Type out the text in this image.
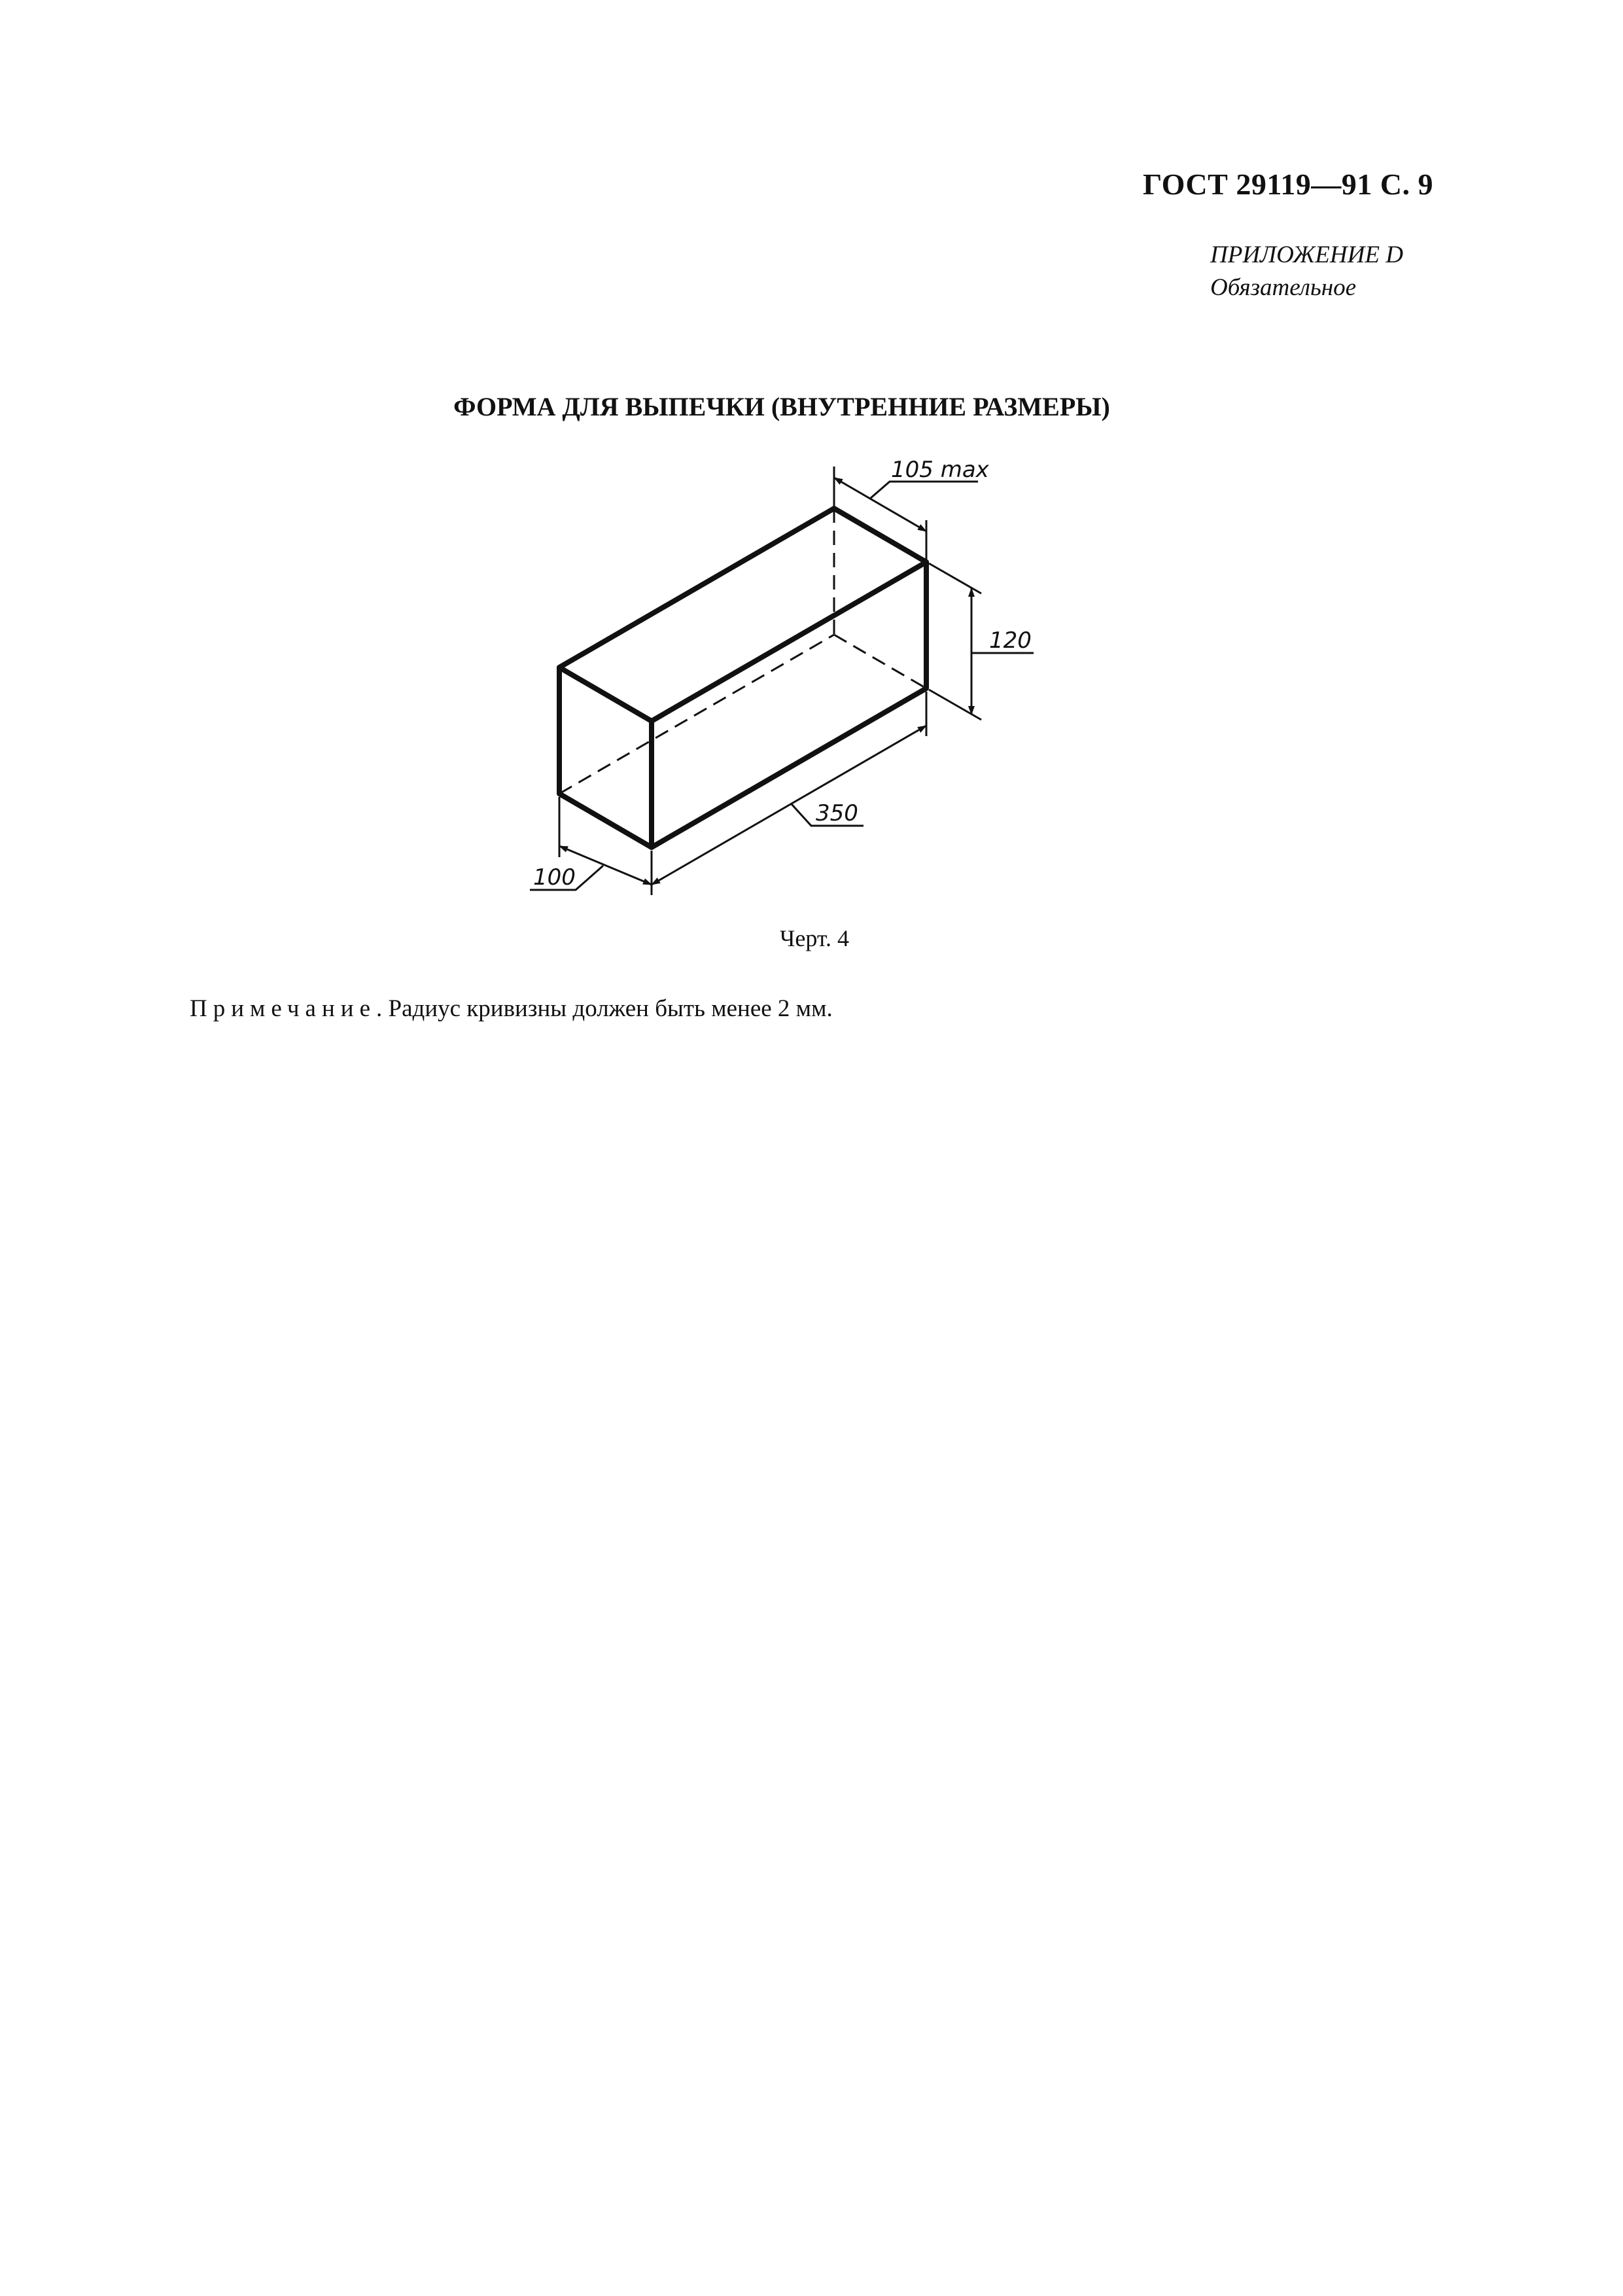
ГОСТ 29119—91 С. 9
ПРИЛОЖЕНИЕ D
Обязательное
ФОРМА ДЛЯ ВЫПЕЧКИ (ВНУТРЕННИЕ РАЗМЕРЫ)
105 max
120
350
100
Черт. 4
Примечание. Радиус кривизны должен быть менее 2 мм.
